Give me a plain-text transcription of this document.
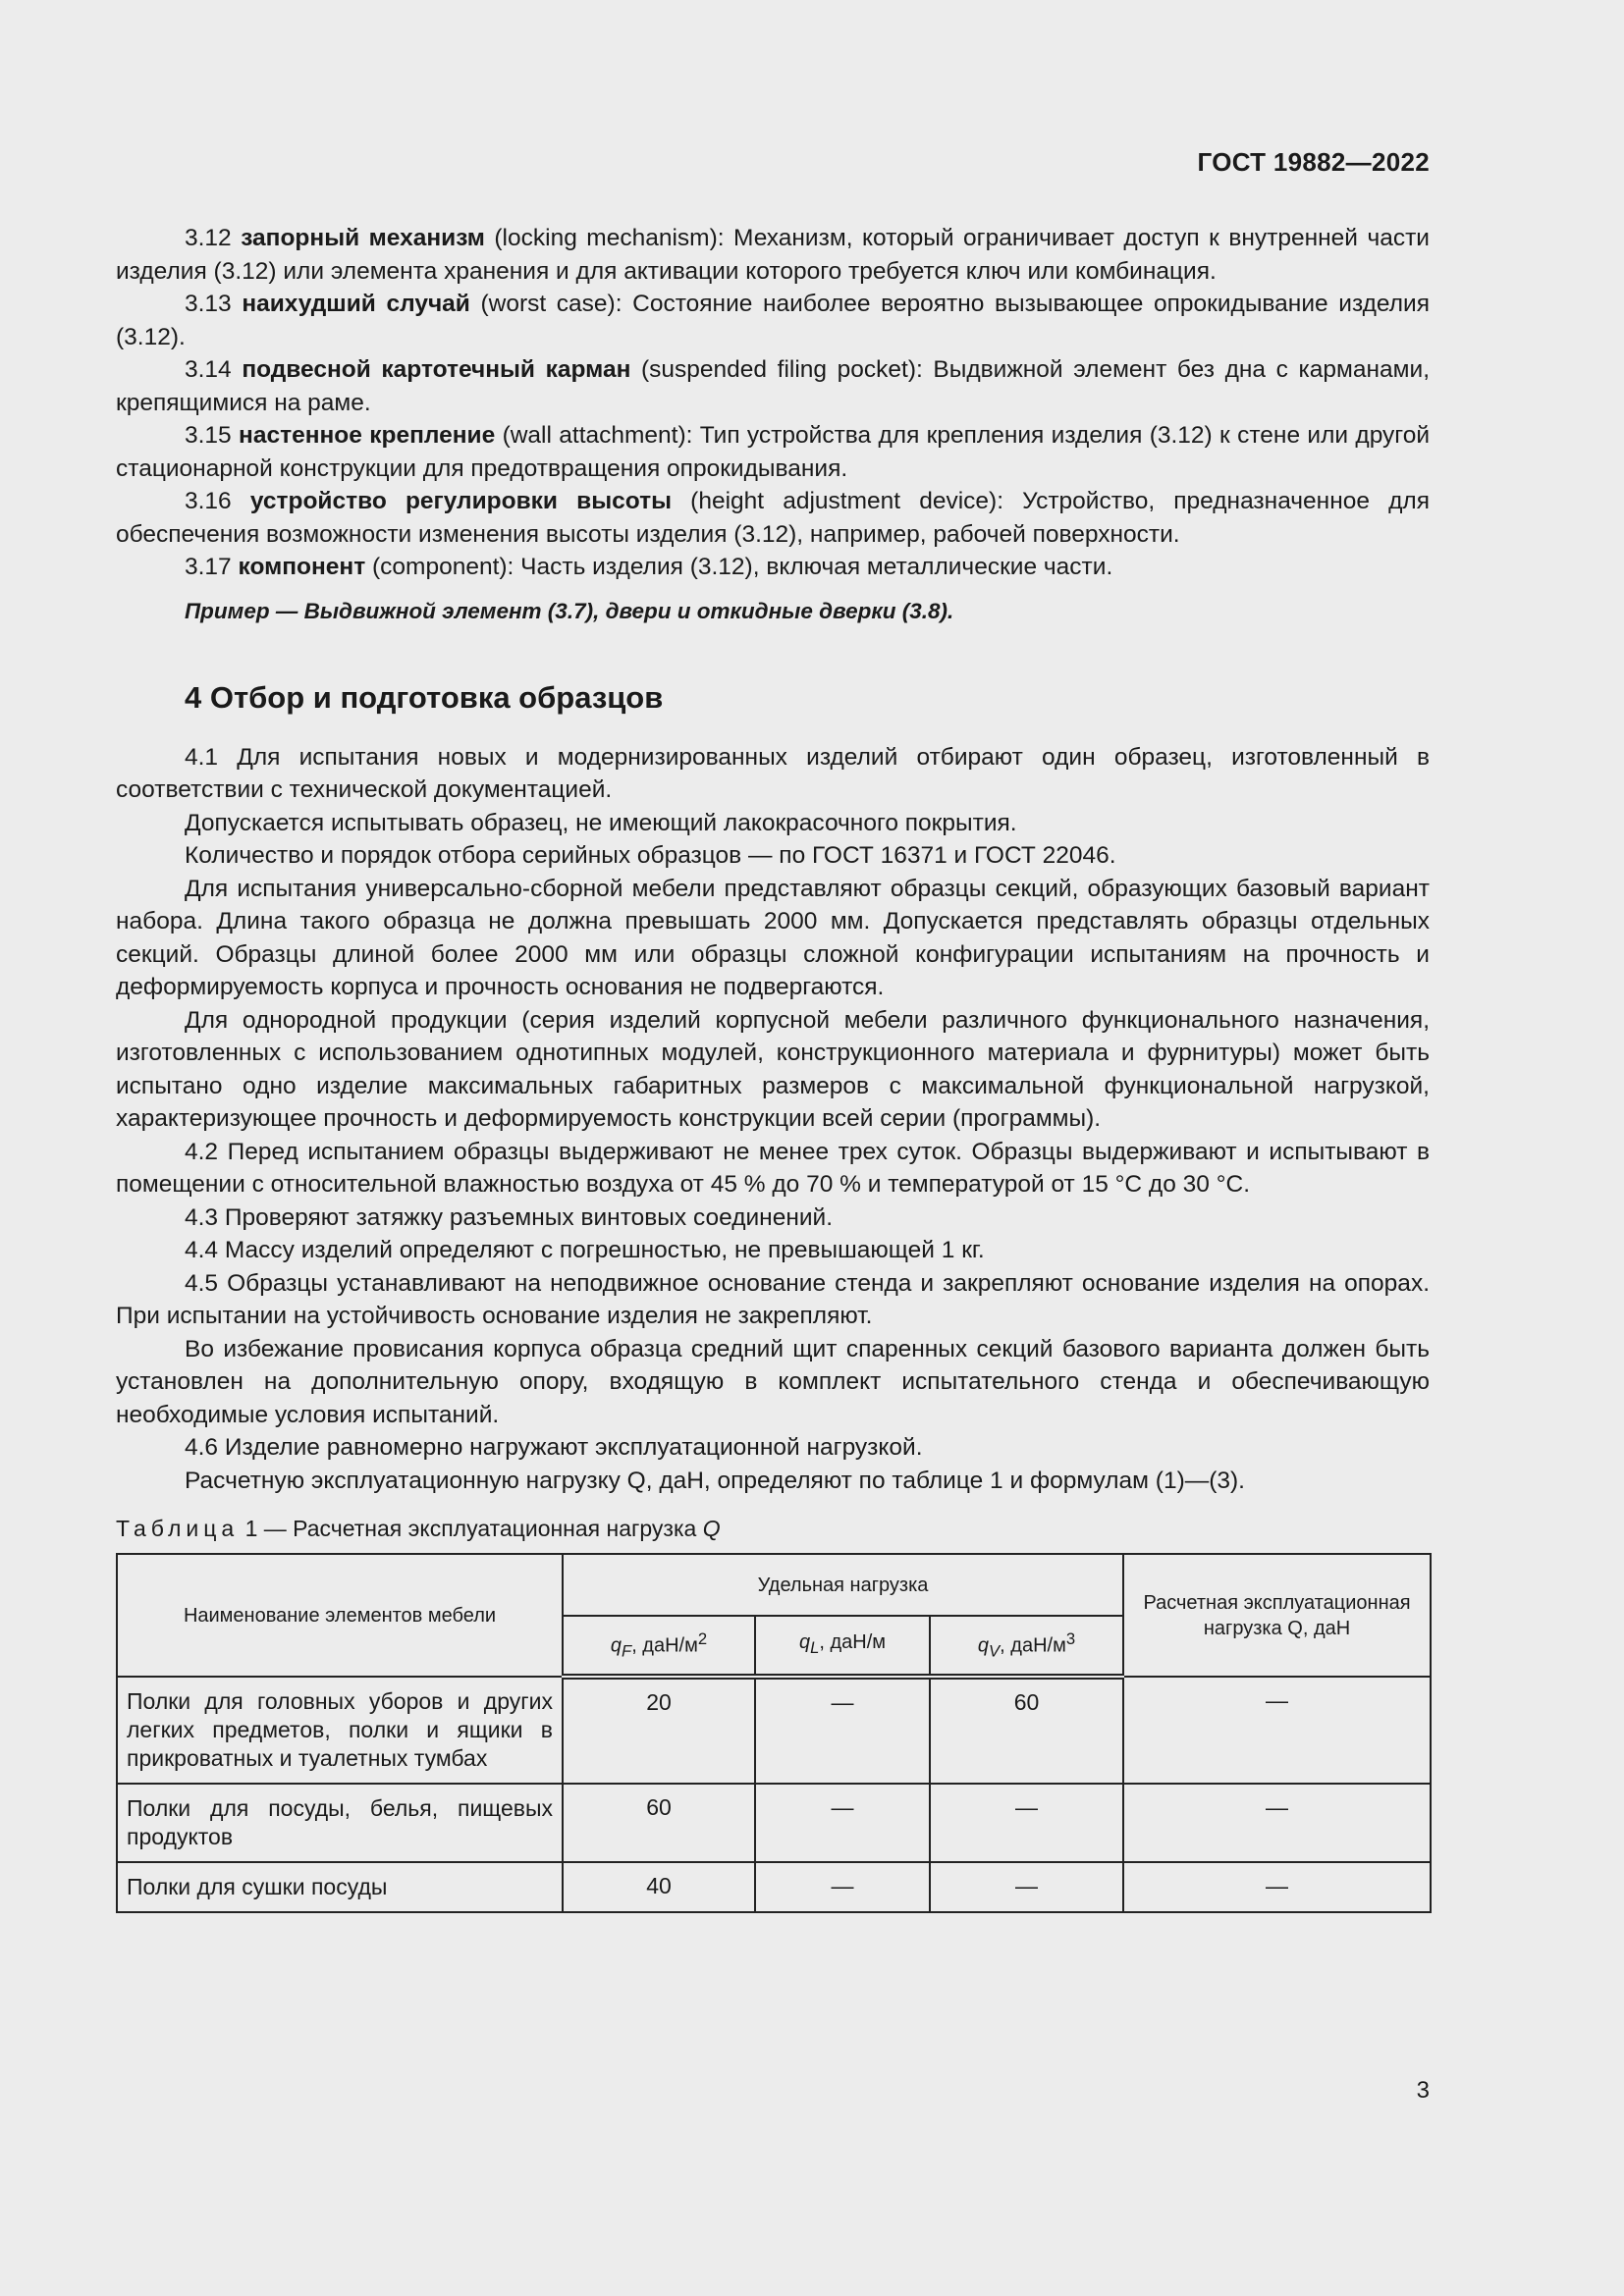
ГОСТ 19882—2022

3.12 запорный механизм (locking mechanism): Механизм, который ограничивает доступ к внутренней части изделия (3.12) или элемента хранения и для активации которого требуется ключ или комбинация.

3.13 наихудший случай (worst case): Состояние наиболее вероятно вызывающее опрокидывание изделия (3.12).

3.14 подвесной картотечный карман (suspended filing pocket): Выдвижной элемент без дна с карманами, крепящимися на раме.

3.15 настенное крепление (wall attachment): Тип устройства для крепления изделия (3.12) к стене или другой стационарной конструкции для предотвращения опрокидывания.

3.16 устройство регулировки высоты (height adjustment device): Устройство, предназначенное для обеспечения возможности изменения высоты изделия (3.12), например, рабочей поверхности.

3.17 компонент (component): Часть изделия (3.12), включая металлические части.

Пример — Выдвижной элемент (3.7), двери и откидные дверки (3.8).

4 Отбор и подготовка образцов

4.1 Для испытания новых и модернизированных изделий отбирают один образец, изготовленный в соответствии с технической документацией.

Допускается испытывать образец, не имеющий лакокрасочного покрытия.

Количество и порядок отбора серийных образцов — по ГОСТ 16371 и ГОСТ 22046.

Для испытания универсально-сборной мебели представляют образцы секций, образующих базовый вариант набора. Длина такого образца не должна превышать 2000 мм. Допускается представлять образцы отдельных секций. Образцы длиной более 2000 мм или образцы сложной конфигурации испытаниям на прочность и деформируемость корпуса и прочность основания не подвергаются.

Для однородной продукции (серия изделий корпусной мебели различного функционального назначения, изготовленных с использованием однотипных модулей, конструкционного материала и фурнитуры) может быть испытано одно изделие максимальных габаритных размеров с максимальной функциональной нагрузкой, характеризующее прочность и деформируемость конструкции всей серии (программы).

4.2 Перед испытанием образцы выдерживают не менее трех суток. Образцы выдерживают и испытывают в помещении с относительной влажностью воздуха от 45 % до 70 % и температурой от 15 °С до 30 °С.

4.3 Проверяют затяжку разъемных винтовых соединений.

4.4 Массу изделий определяют с погрешностью, не превышающей 1 кг.

4.5 Образцы устанавливают на неподвижное основание стенда и закрепляют основание изделия на опорах. При испытании на устойчивость основание изделия не закрепляют.

Во избежание провисания корпуса образца средний щит спаренных секций базового варианта должен быть установлен на дополнительную опору, входящую в комплект испытательного стенда и обеспечивающую необходимые условия испытаний.

4.6 Изделие равномерно нагружают эксплуатационной нагрузкой.

Расчетную эксплуатационную нагрузку Q, даН, определяют по таблице 1 и формулам (1)—(3).

Таблица 1 — Расчетная эксплуатационная нагрузка Q
Наименование элементов мебели	Удельная нагрузка			Расчетная эксплуатационная нагрузка Q, даН
	$q_F$, даН/$м^2$	$q_L$, даН/м	$q_V$, даН/$м^3$
Полки для головных уборов и других легких предметов, полки и ящики в прикроватных и туалетных тумбах	20	—	60	—
Полки для посуды, белья, пищевых продуктов	60	—	—	—
Полки для сушки посуды	40	—	—	—
3
